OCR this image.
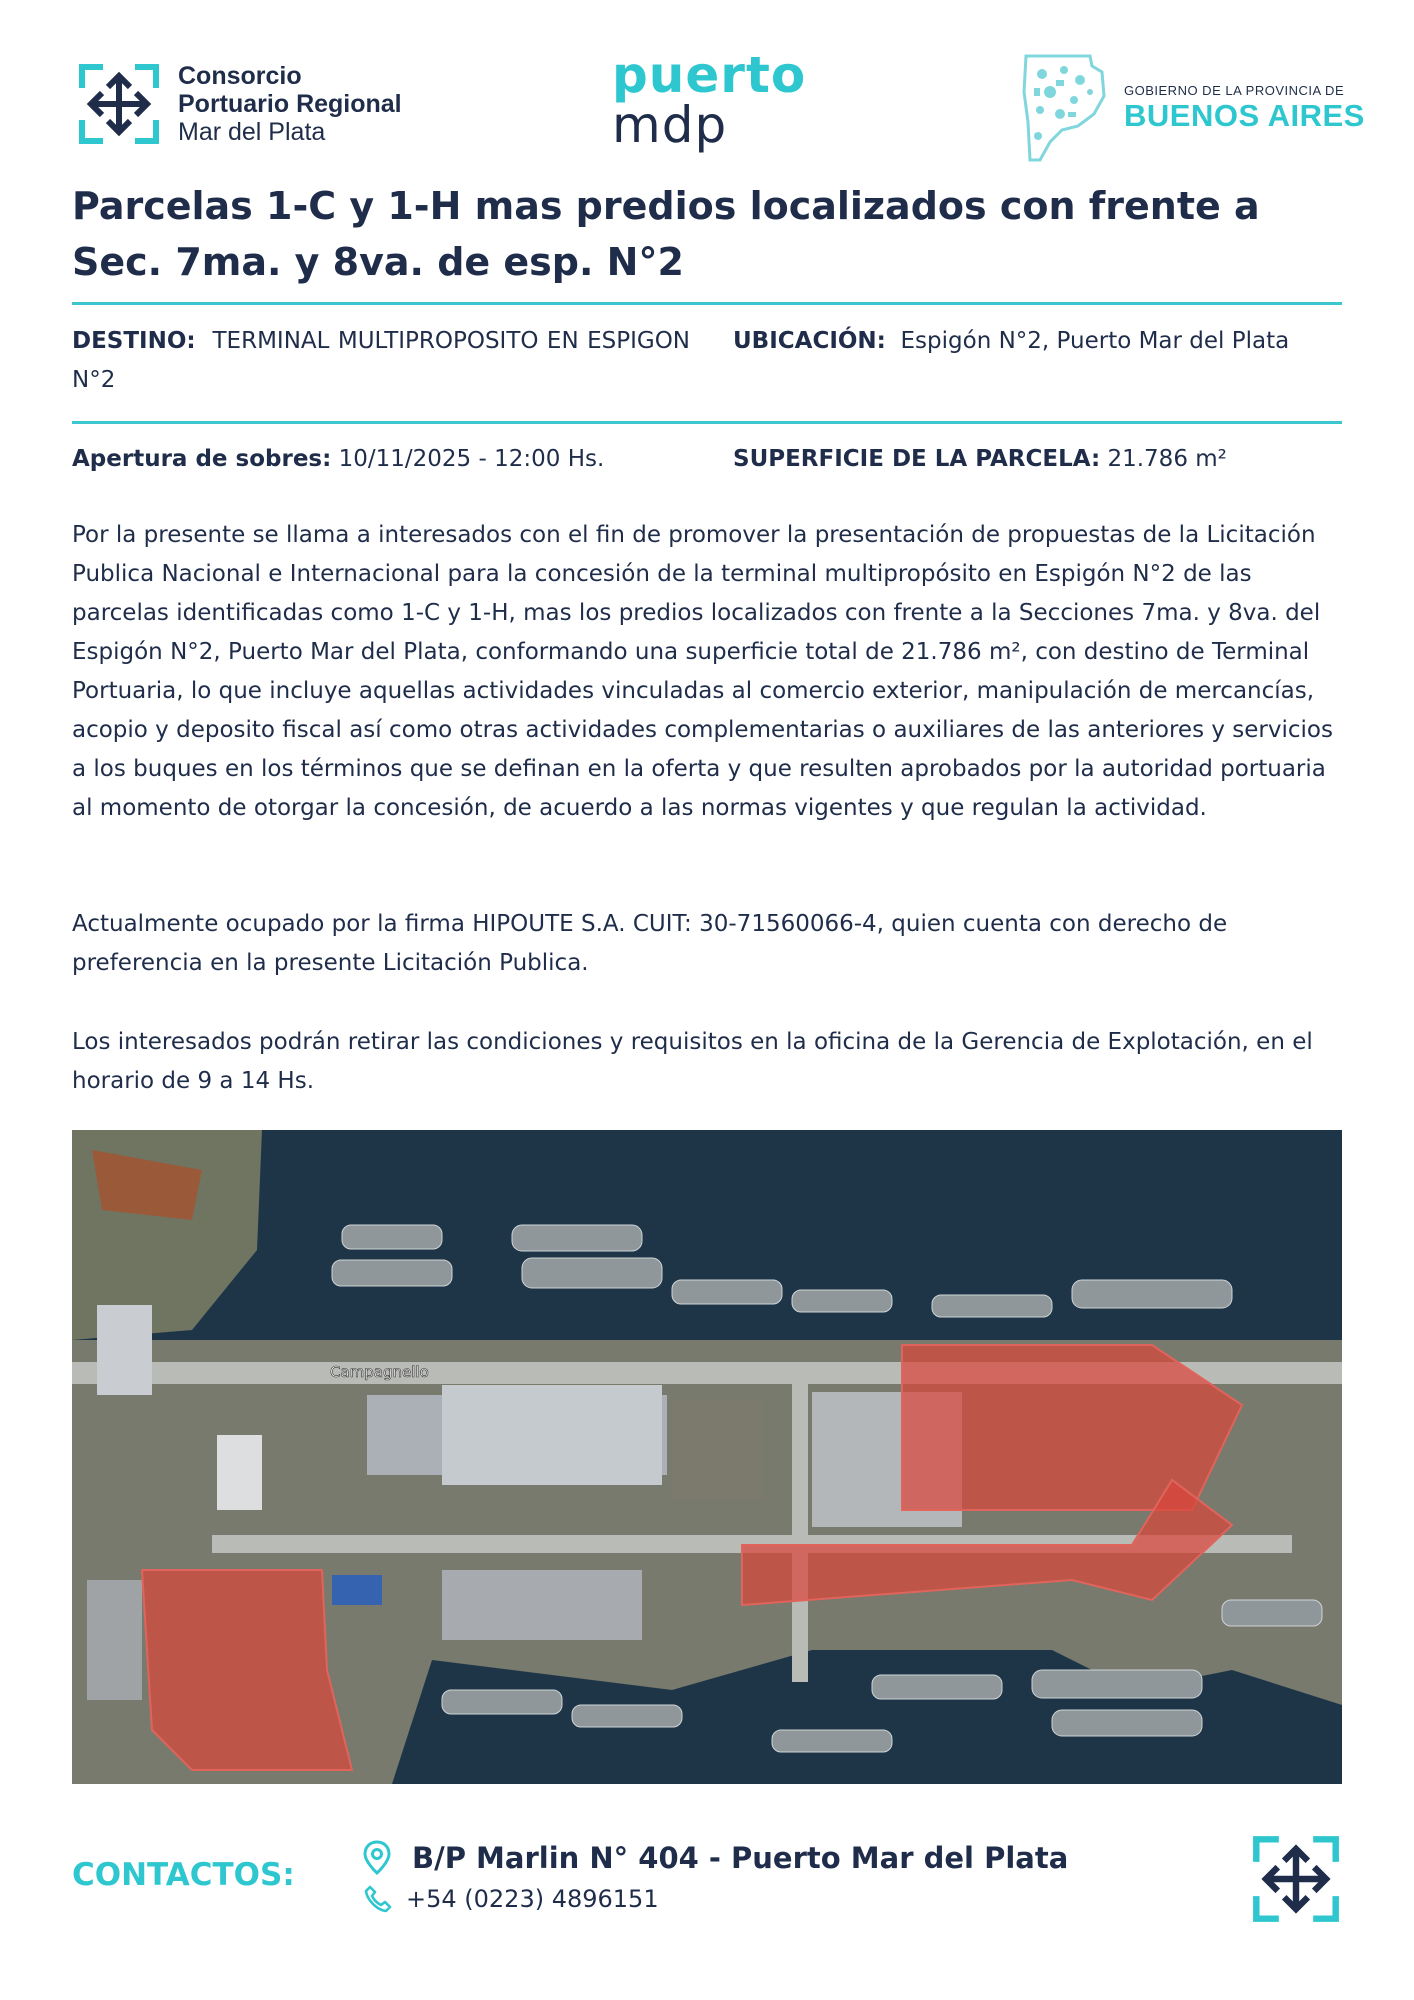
Consorcio
Portuario Regional
Mar del Plata
puerto
mdp
GOBIERNO DE LA PROVINCIA DE
BUENOS AIRES
Parcelas 1-C y 1-H mas predios localizados con frente a Sec. 7ma. y 8va. de esp. N°2
DESTINO: TERMINAL MULTIPROPOSITO EN ESPIGON N°2
UBICACIÓN: Espigón N°2, Puerto Mar del Plata
Apertura de sobres: 10/11/2025 - 12:00 Hs.	SUPERFICIE DE LA PARCELA: 21.786 m²

Por la presente se llama a interesados con el fin de promover la presentación de propuestas de la Licitación Publica Nacional e Internacional para la concesión de la terminal multipropósito en Espigón N°2 de las parcelas identificadas como 1-C y 1-H, mas los predios localizados con frente a la Secciones 7ma. y 8va. del Espigón N°2, Puerto Mar del Plata, conformando una superficie total de 21.786 m², con destino de Terminal Portuaria, lo que incluye aquellas actividades vinculadas al comercio exterior, manipulación de mercancías, acopio y deposito fiscal así como otras actividades complementarias o auxiliares de las anteriores y servicios a los buques en los términos que se definan en la oferta y que resulten aprobados por la autoridad portuaria al momento de otorgar la concesión, de acuerdo a las normas vigentes y que regulan la actividad.

Actualmente ocupado por la firma HIPOUTE S.A. CUIT: 30-71560066-4, quien cuenta con derecho de preferencia en la presente Licitación Publica.

Los interesados podrán retirar las condiciones y requisitos en la oficina de la Gerencia de Explotación, en el horario de 9 a 14 Hs.

Campagnello
CONTACTOS:	B/P Marlin N° 404 - Puerto Mar del Plata
+54 (0223) 4896151
